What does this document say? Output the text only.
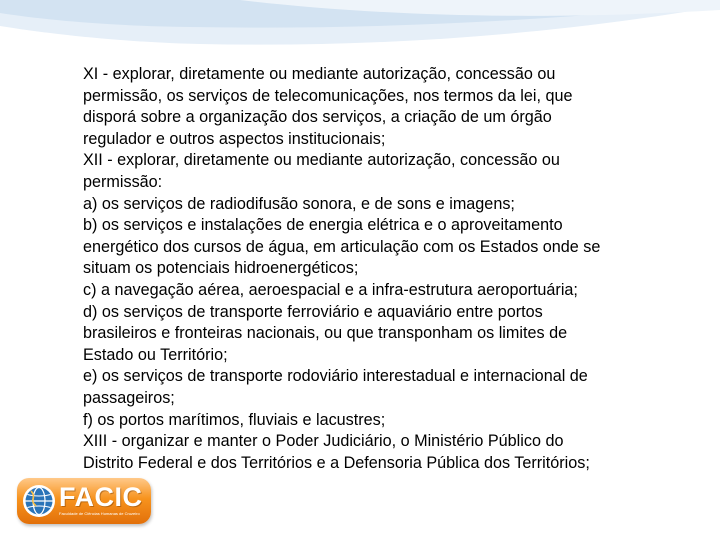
XI - explorar, diretamente ou mediante autorização, concessão ou
permissão, os serviços de telecomunicações, nos termos da lei, que
disporá sobre a organização dos serviços, a criação de um órgão
regulador e outros aspectos institucionais;
XII - explorar, diretamente ou mediante autorização, concessão ou
permissão:
a) os serviços de radiodifusão sonora, e de sons e imagens;
b) os serviços e instalações de energia elétrica e o aproveitamento
energético dos cursos de água, em articulação com os Estados onde se
situam os potenciais hidroenergéticos;
c) a navegação aérea, aeroespacial e a infra-estrutura aeroportuária;
d) os serviços de transporte ferroviário e aquaviário entre portos
brasileiros e fronteiras nacionais, ou que transponham os limites de
Estado ou Território;
e) os serviços de transporte rodoviário interestadual e internacional de
passageiros;
f) os portos marítimos, fluviais e lacustres;
XIII - organizar e manter o Poder Judiciário, o Ministério Público do
Distrito Federal e dos Territórios e a Defensoria Pública dos Territórios;
FACIC
Faculdade de Ciências Humanas de Cruzeiro
